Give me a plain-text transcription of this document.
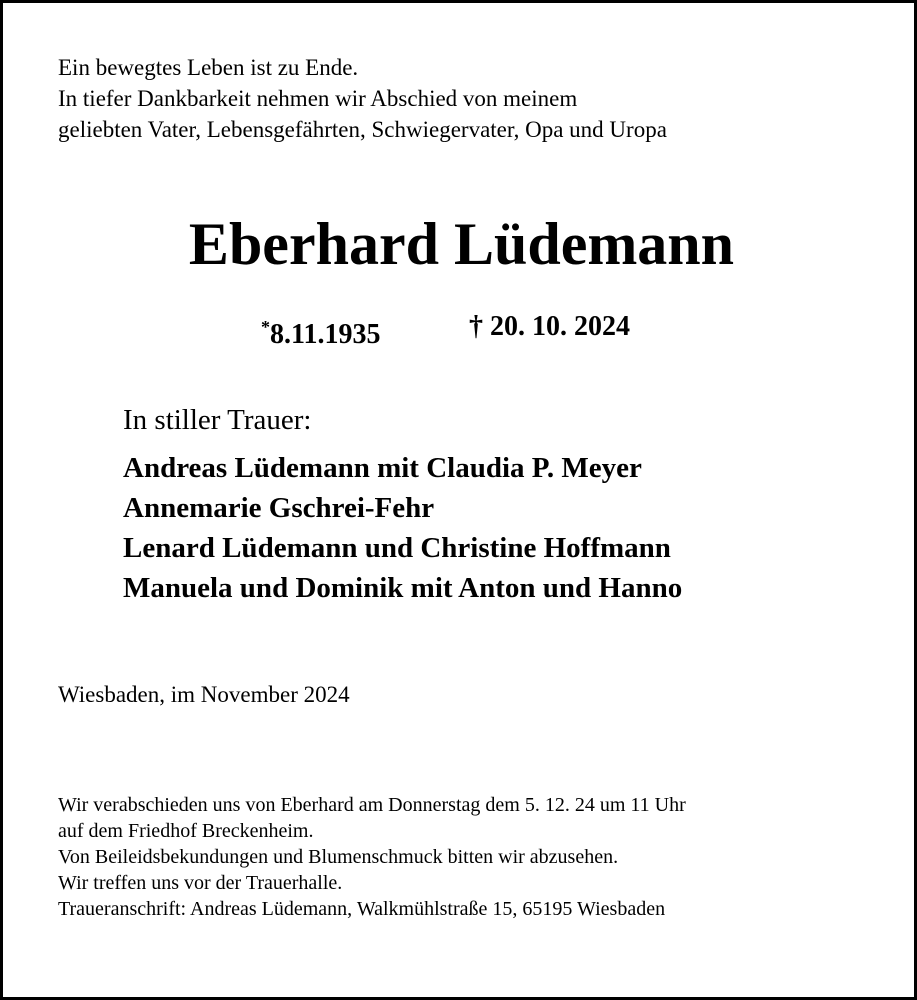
Ein bewegtes Leben ist zu Ende.
In tiefer Dankbarkeit nehmen wir Abschied von meinem
geliebten Vater, Lebensgefährten, Schwiegervater, Opa und Uropa
Eberhard Lüdemann
*8.11.1935	† 20. 10. 2024
In stiller Trauer:
Andreas Lüdemann mit Claudia P. Meyer
Annemarie Gschrei-Fehr
Lenard Lüdemann und Christine Hoffmann
Manuela und Dominik mit Anton und Hanno
Wiesbaden, im November 2024
Wir verabschieden uns von Eberhard am Donnerstag dem 5. 12. 24 um 11 Uhr
auf dem Friedhof Breckenheim.
Von Beileidsbekundungen und Blumenschmuck bitten wir abzusehen.
Wir treffen uns vor der Trauerhalle.
Traueranschrift: Andreas Lüdemann, Walkmühlstraße 15, 65195 Wiesbaden
